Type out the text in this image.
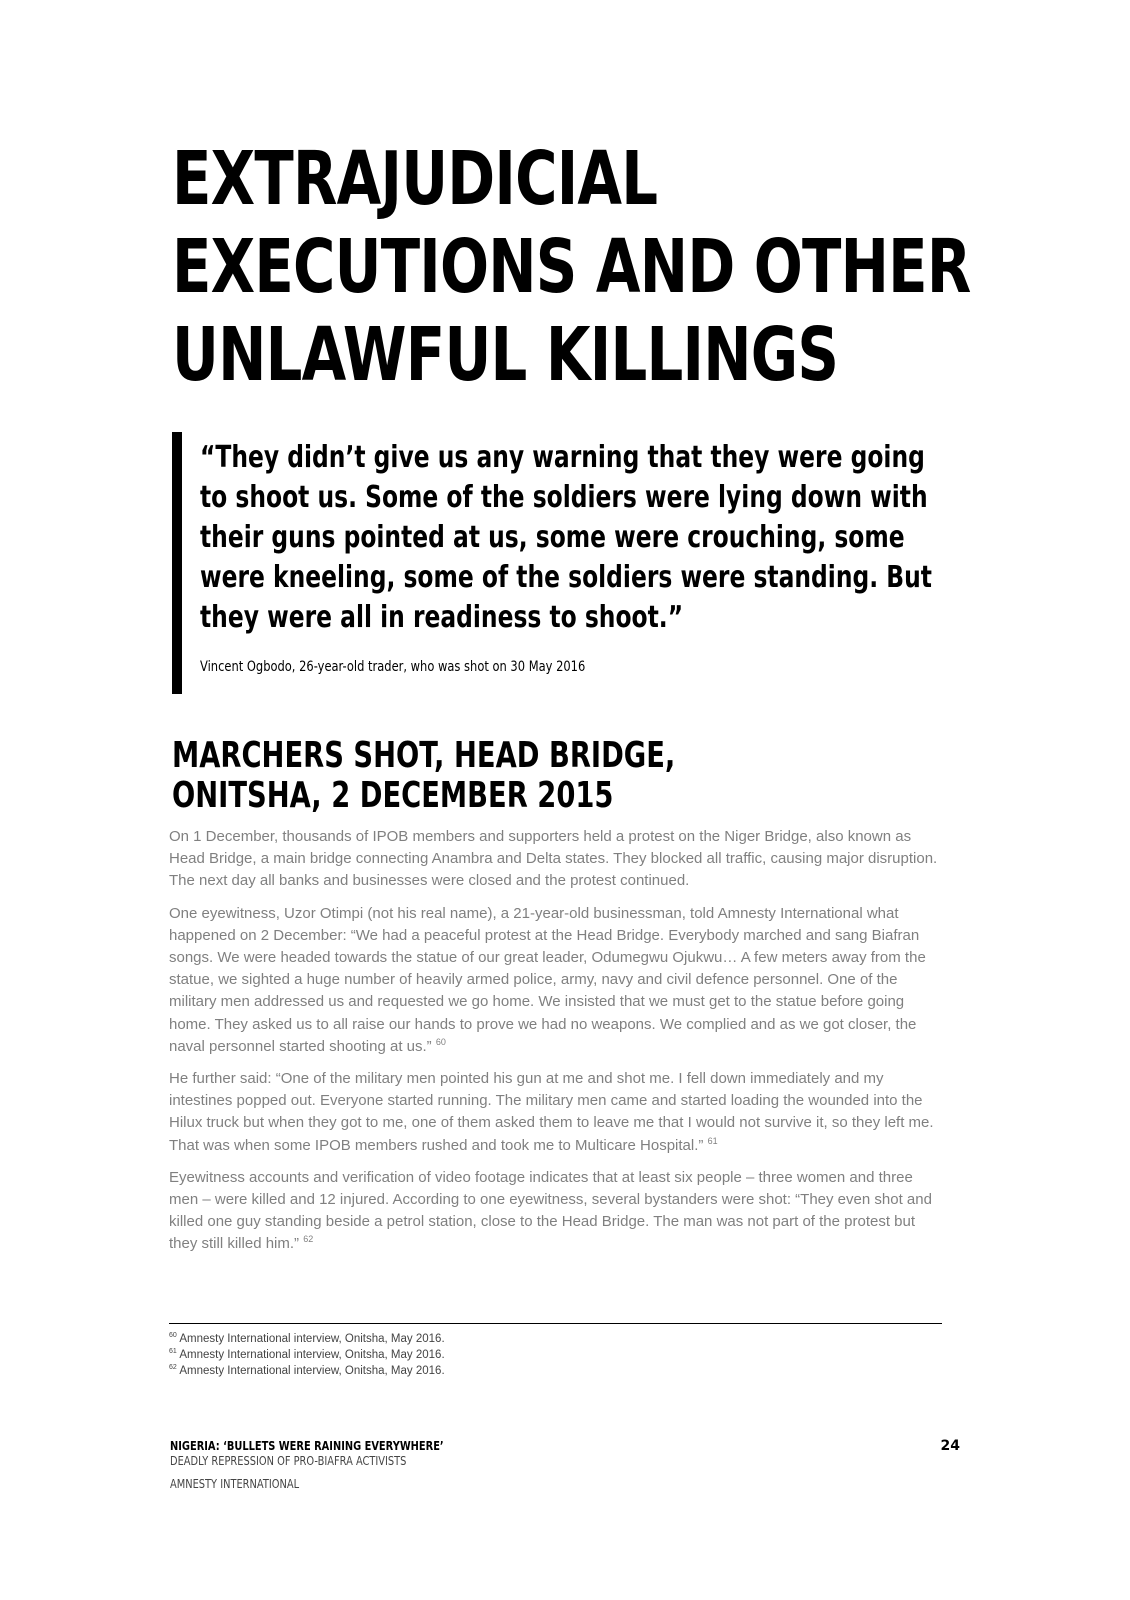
EXTRAJUDICIAL
EXECUTIONS AND OTHER
UNLAWFUL KILLINGS

“They didn’t give us any warning that they were going to shoot us. Some of the soldiers were lying down with their guns pointed at us, some were crouching, some were kneeling, some of the soldiers were standing. But they were all in readiness to shoot.”

Vincent Ogbodo, 26-year-old trader, who was shot on 30 May 2016

MARCHERS SHOT, HEAD BRIDGE, ONITSHA, 2 DECEMBER 2015

On 1 December, thousands of IPOB members and supporters held a protest on the Niger Bridge, also known as Head Bridge, a main bridge connecting Anambra and Delta states. They blocked all traffic, causing major disruption. The next day all banks and businesses were closed and the protest continued.

One eyewitness, Uzor Otimpi (not his real name), a 21-year-old businessman, told Amnesty International what happened on 2 December: “We had a peaceful protest at the Head Bridge. Everybody marched and sang Biafran songs. We were headed towards the statue of our great leader, Odumegwu Ojukwu… A few meters away from the statue, we sighted a huge number of heavily armed police, army, navy and civil defence personnel. One of the military men addressed us and requested we go home. We insisted that we must get to the statue before going home. They asked us to all raise our hands to prove we had no weapons. We complied and as we got closer, the naval personnel started shooting at us.” $^{60}$

He further said: “One of the military men pointed his gun at me and shot me. I fell down immediately and my intestines popped out. Everyone started running. The military men came and started loading the wounded into the Hilux truck but when they got to me, one of them asked them to leave me that I would not survive it, so they left me. That was when some IPOB members rushed and took me to Multicare Hospital.” $^{61}$

Eyewitness accounts and verification of video footage indicates that at least six people – three women and three men – were killed and 12 injured. According to one eyewitness, several bystanders were shot: “They even shot and killed one guy standing beside a petrol station, close to the Head Bridge. The man was not part of the protest but they still killed him.” $^{62}$

$^{60}$ Amnesty International interview, Onitsha, May 2016.
$^{61}$ Amnesty International interview, Onitsha, May 2016.
$^{62}$ Amnesty International interview, Onitsha, May 2016.

NIGERIA: ‘BULLETS WERE RAINING EVERYWHERE’

DEADLY REPRESSION OF PRO-BIAFRA ACTIVISTS

AMNESTY INTERNATIONAL

24
